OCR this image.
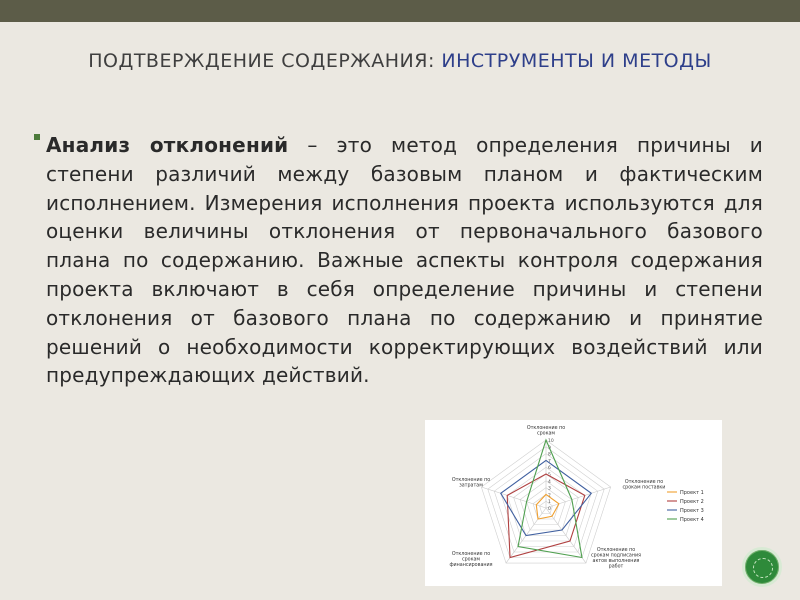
ПОДТВЕРЖДЕНИЕ СОДЕРЖАНИЯ: ИНСТРУМЕНТЫ И МЕТОДЫ
Анализ отклонений – это метод определения причины и степени различий между базовым планом и фактическим исполнением. Измерения исполнения проекта используются для оценки величины отклонения от первоначального базового плана по содержанию. Важные аспекты контроля содержания проекта включают в себя определение причины и степени отклонения от базового плана по содержанию и принятие решений о необходимости корректирующих воздействий или предупреждающих действий.
0
1
2
3
4
5
6
7
8
9
10
Отклонение по
срокам
Отклонение по
срокам поставки
Отклонение по
срокам подписания
актов выполнения
работ
Отклонение по
срокам
финансирования
Отклонение по
затратам
Проект 1
Проект 2
Проект 3
Проект 4
